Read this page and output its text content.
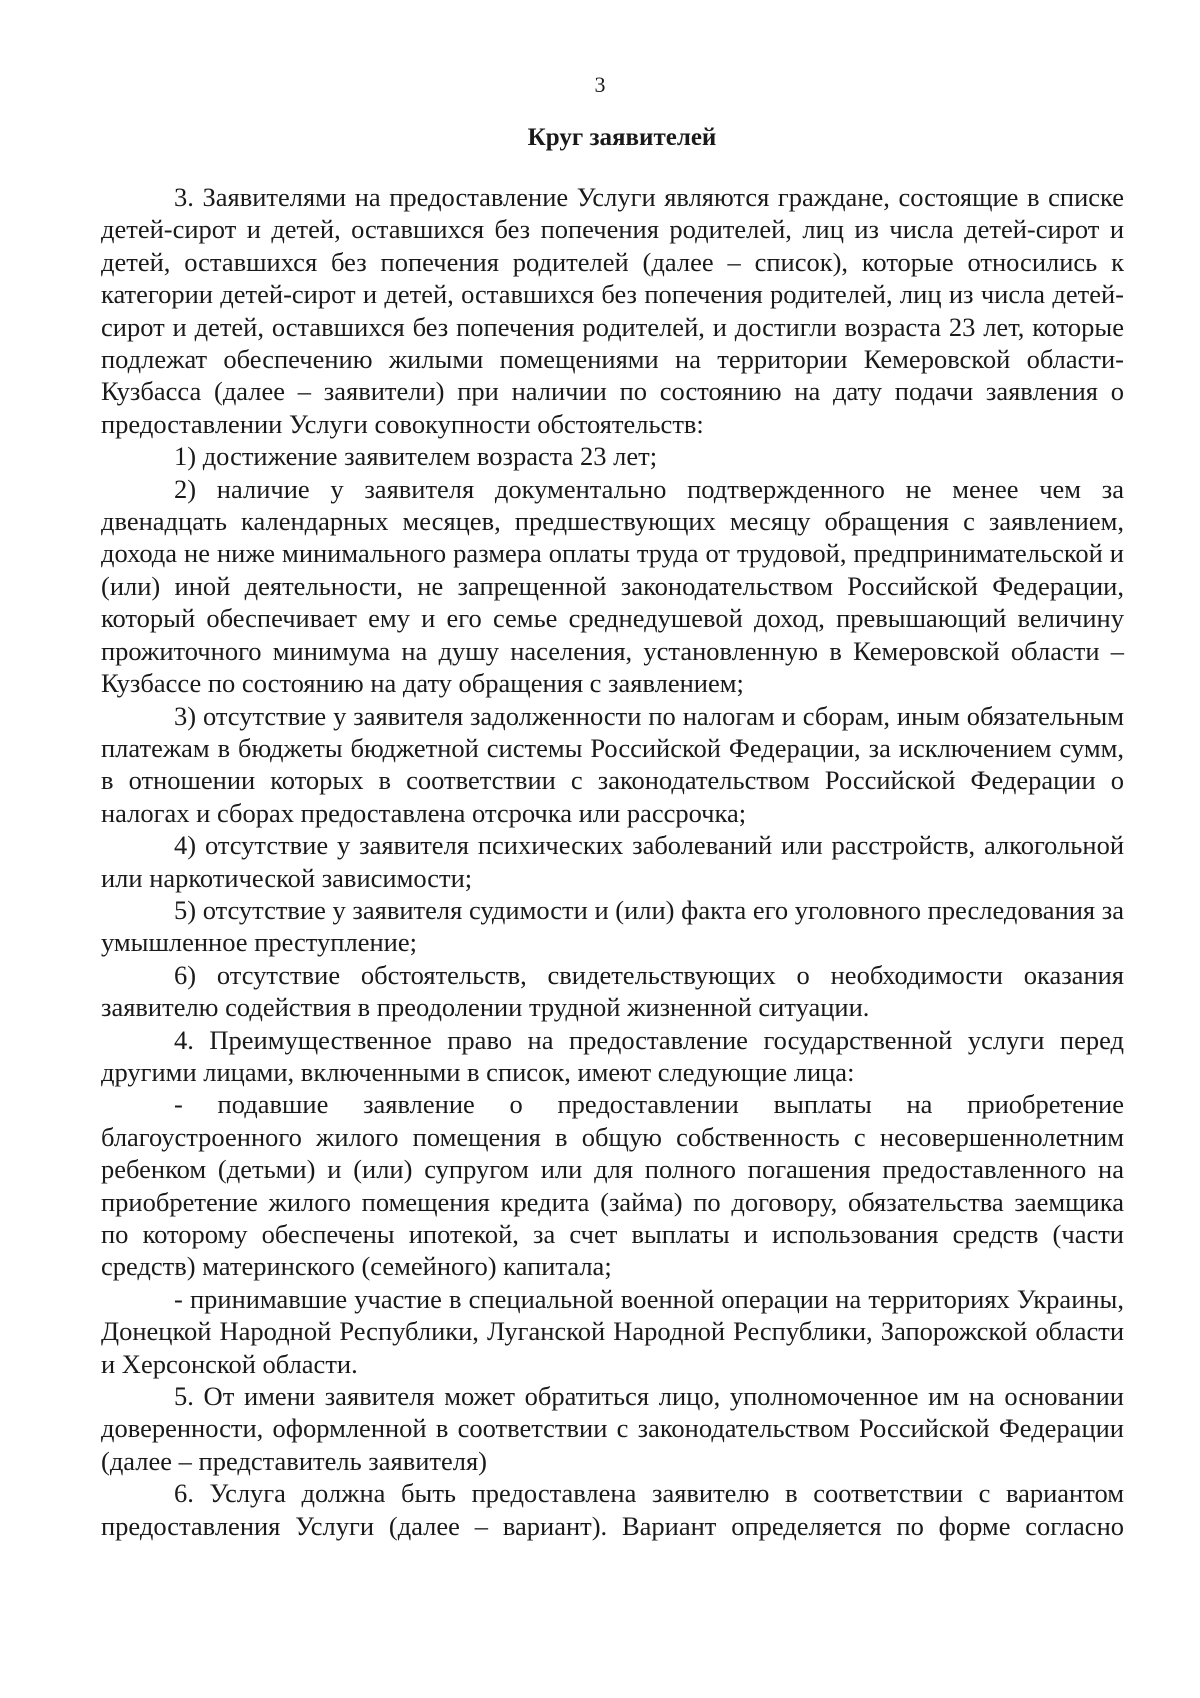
3
Круг заявителей

3. Заявителями на предоставление Услуги являются граждане, состоящие в списке детей-сирот и детей, оставшихся без попечения родителей, лиц из числа детей-сирот и детей, оставшихся без попечения родителей (далее – список), которые относились к категории детей-сирот и детей, оставшихся без попечения родителей, лиц из числа детей-сирот и детей, оставшихся без попечения родителей, и достигли возраста 23 лет, которые подлежат обеспечению жилыми помещениями на территории Кемеровской области-Кузбасса (далее – заявители) при наличии по состоянию на дату подачи заявления о предоставлении Услуги совокупности обстоятельств:

1) достижение заявителем возраста 23 лет;

2) наличие у заявителя документально подтвержденного не менее чем за двенадцать календарных месяцев, предшествующих месяцу обращения с заявлением, дохода не ниже минимального размера оплаты труда от трудовой, предпринимательской и (или) иной деятельности, не запрещенной законодательством Российской Федерации, который обеспечивает ему и его семье среднедушевой доход, превышающий величину прожиточного минимума на душу населения, установленную в Кемеровской области – Кузбассе по состоянию на дату обращения с заявлением;

3) отсутствие у заявителя задолженности по налогам и сборам, иным обязательным платежам в бюджеты бюджетной системы Российской Федерации, за исключением сумм, в отношении которых в соответствии с законодательством Российской Федерации о налогах и сборах предоставлена отсрочка или рассрочка;

4) отсутствие у заявителя психических заболеваний или расстройств, алкогольной или наркотической зависимости;

5) отсутствие у заявителя судимости и (или) факта его уголовного преследования за умышленное преступление;

6) отсутствие обстоятельств, свидетельствующих о необходимости оказания заявителю содействия в преодолении трудной жизненной ситуации.

4. Преимущественное право на предоставление государственной услуги перед другими лицами, включенными в список, имеют следующие лица:

- подавшие заявление о предоставлении выплаты на приобретение благоустроенного жилого помещения в общую собственность с несовершеннолетним ребенком (детьми) и (или) супругом или для полного погашения предоставленного на приобретение жилого помещения кредита (займа) по договору, обязательства заемщика по которому обеспечены ипотекой, за счет выплаты и использования средств (части средств) материнского (семейного) капитала;

- принимавшие участие в специальной военной операции на территориях Украины, Донецкой Народной Республики, Луганской Народной Республики, Запорожской области и Херсонской области.

5. От имени заявителя может обратиться лицо, уполномоченное им на основании доверенности, оформленной в соответствии с законодательством Российской Федерации (далее – представитель заявителя)

6. Услуга должна быть предоставлена заявителю в соответствии с вариантом предоставления Услуги (далее – вариант). Вариант определяется по форме согласно
